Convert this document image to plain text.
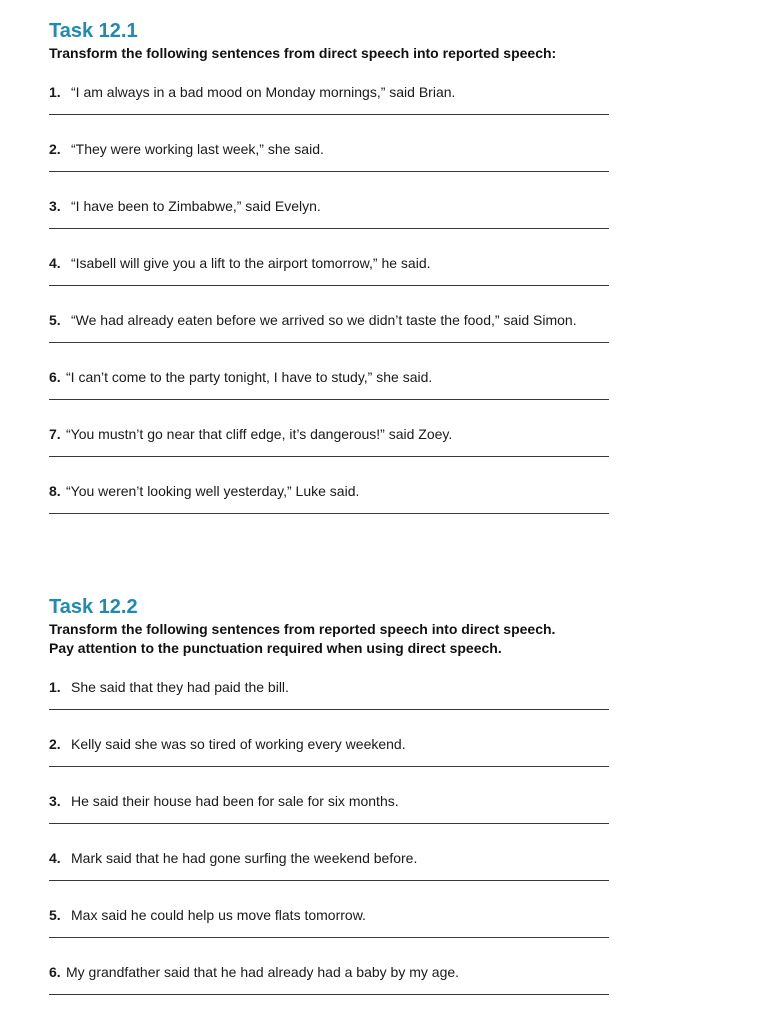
Task 12.1

Transform the following sentences from direct speech into reported speech:

1. “I am always in a bad mood on Monday mornings,” said Brian.
2. “They were working last week,” she said.
3. “I have been to Zimbabwe,” said Evelyn.
4. “Isabell will give you a lift to the airport tomorrow,” he said.
5. “We had already eaten before we arrived so we didn’t taste the food,” said Simon.
6. “I can’t come to the party tonight, I have to study,” she said.
7. “You mustn’t go near that cliff edge, it’s dangerous!” said Zoey.
8. “You weren’t looking well yesterday,” Luke said.
Task 12.2

Transform the following sentences from reported speech into direct speech.

Pay attention to the punctuation required when using direct speech.

1. She said that they had paid the bill.
2. Kelly said she was so tired of working every weekend.
3. He said their house had been for sale for six months.
4. Mark said that he had gone surfing the weekend before.
5. Max said he could help us move flats tomorrow.
6. My grandfather said that he had already had a baby by my age.
